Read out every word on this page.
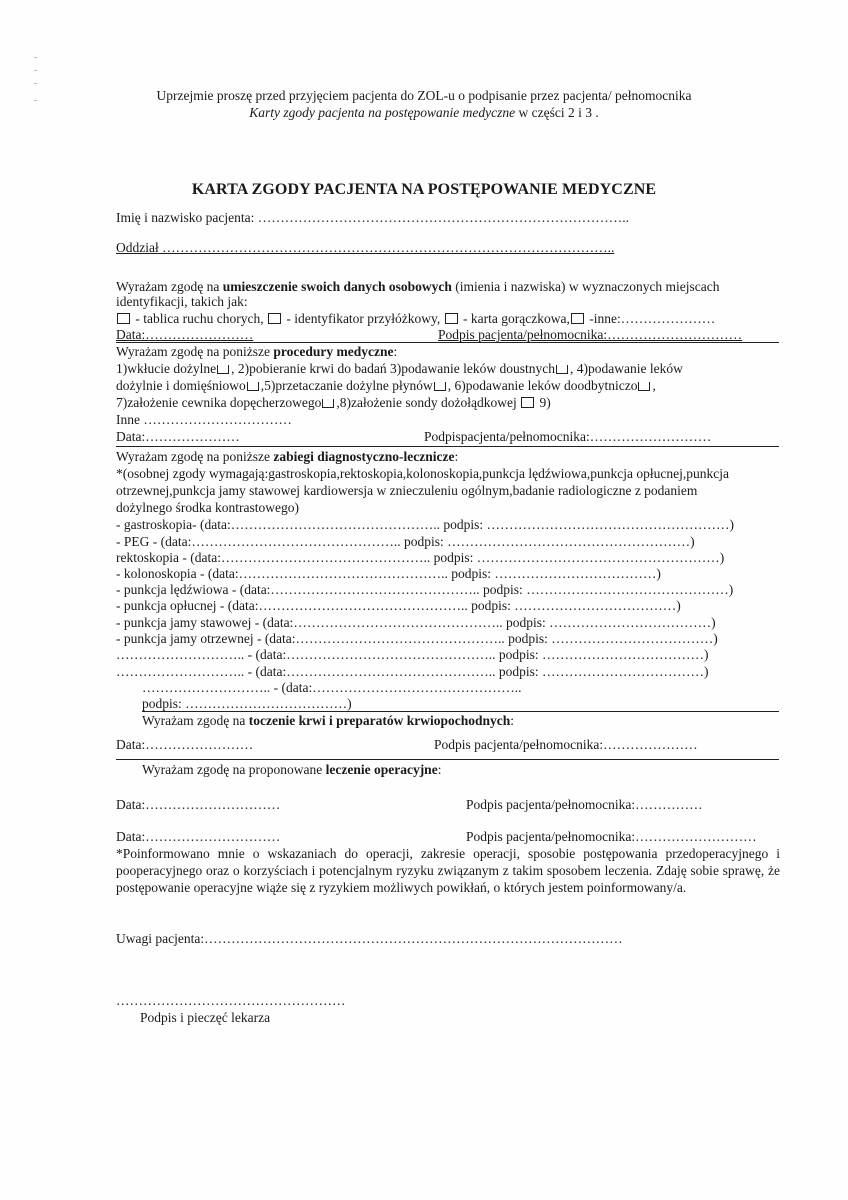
Uprzejmie proszę przed przyjęciem pacjenta do ZOL-u o podpisanie przez pacjenta/ pełnomocnika
Karty zgody pacjenta na postępowanie medyczne w części 2 i 3 .
KARTA ZGODY PACJENTA NA POSTĘPOWANIE MEDYCZNE
Imię i nazwisko pacjenta: ………………………………………………………………………..
Oddział ………………………………………………………………………………………..
Wyrażam zgodę na umieszczenie swoich danych osobowych (imienia i nazwiska) w wyznaczonych miejscach
identyfikacji, takich jak:
- tablica ruchu chorych,  - identyfikator przyłóżkowy,  - karta gorączkowa, -inne:…………………
Data:……………………	Podpis pacjenta/pełnomocnika:…………………………
Wyrażam zgodę na poniższe procedury medyczne:
1)wkłucie dożylne , 2)pobieranie krwi do badań 3)podawanie leków doustnych , 4)podawanie leków
dożylnie i domięśniowo ,5)przetaczanie dożylne płynów , 6)podawanie leków doodbytniczo ,
7)założenie cewnika dopęcherzowego ,8)założenie sondy dożołądkowej  9)
Inne ……………………………
Data:…………………	Podpispacjenta/pełnomocnika:………………………
Wyrażam zgodę na poniższe zabiegi diagnostyczno-lecznicze:
*(osobnej zgody wymagają:gastroskopia,rektoskopia,kolonoskopia,punkcja lędźwiowa,punkcja opłucnej,punkcja
otrzewnej,punkcja jamy stawowej kardiowersja w znieczuleniu ogólnym,badanie radiologiczne z podaniem
dożylnego środka kontrastowego)
- gastroskopia- (data:……………………………………….. podpis: ………………………………………………)
- PEG - (data:……………………………………….. podpis: ………………………………………………)
rektoskopia - (data:……………………………………….. podpis: ………………………………………………)
- kolonoskopia - (data:……………………………………….. podpis: ………………………………)
- punkcja lędźwiowa - (data:……………………………………….. podpis: ………………………………………)
- punkcja opłucnej - (data:……………………………………….. podpis: ………………………………)
- punkcja jamy stawowej - (data:……………………………………….. podpis: ………………………………)
- punkcja jamy otrzewnej - (data:……………………………………….. podpis: ………………………………)
……………………….. - (data:……………………………………….. podpis: ………………………………)
……………………….. - (data:……………………………………….. podpis: ………………………………)
……………………….. - (data:………………………………………..
podpis: ………………………………)
Wyrażam zgodę na toczenie krwi i preparatów krwiopochodnych:
Data:……………………	Podpis pacjenta/pełnomocnika:…………………
Wyrażam zgodę na proponowane leczenie operacyjne:
Data:…………………………	Podpis pacjenta/pełnomocnika:……………
Data:…………………………	Podpis pacjenta/pełnomocnika:………………………
*Poinformowano mnie o wskazaniach do operacji, zakresie operacji, sposobie postępowania przedoperacyjnego i pooperacyjnego oraz o korzyściach i potencjalnym ryzyku związanym z takim sposobem leczenia. Zdaję sobie sprawę, że postępowanie operacyjne wiąże się z ryzykiem możliwych powikłań, o których jestem poinformowany/a.
Uwagi pacjenta:…………………………………………………………………………………
……………………………………………
Podpis i pieczęć lekarza
